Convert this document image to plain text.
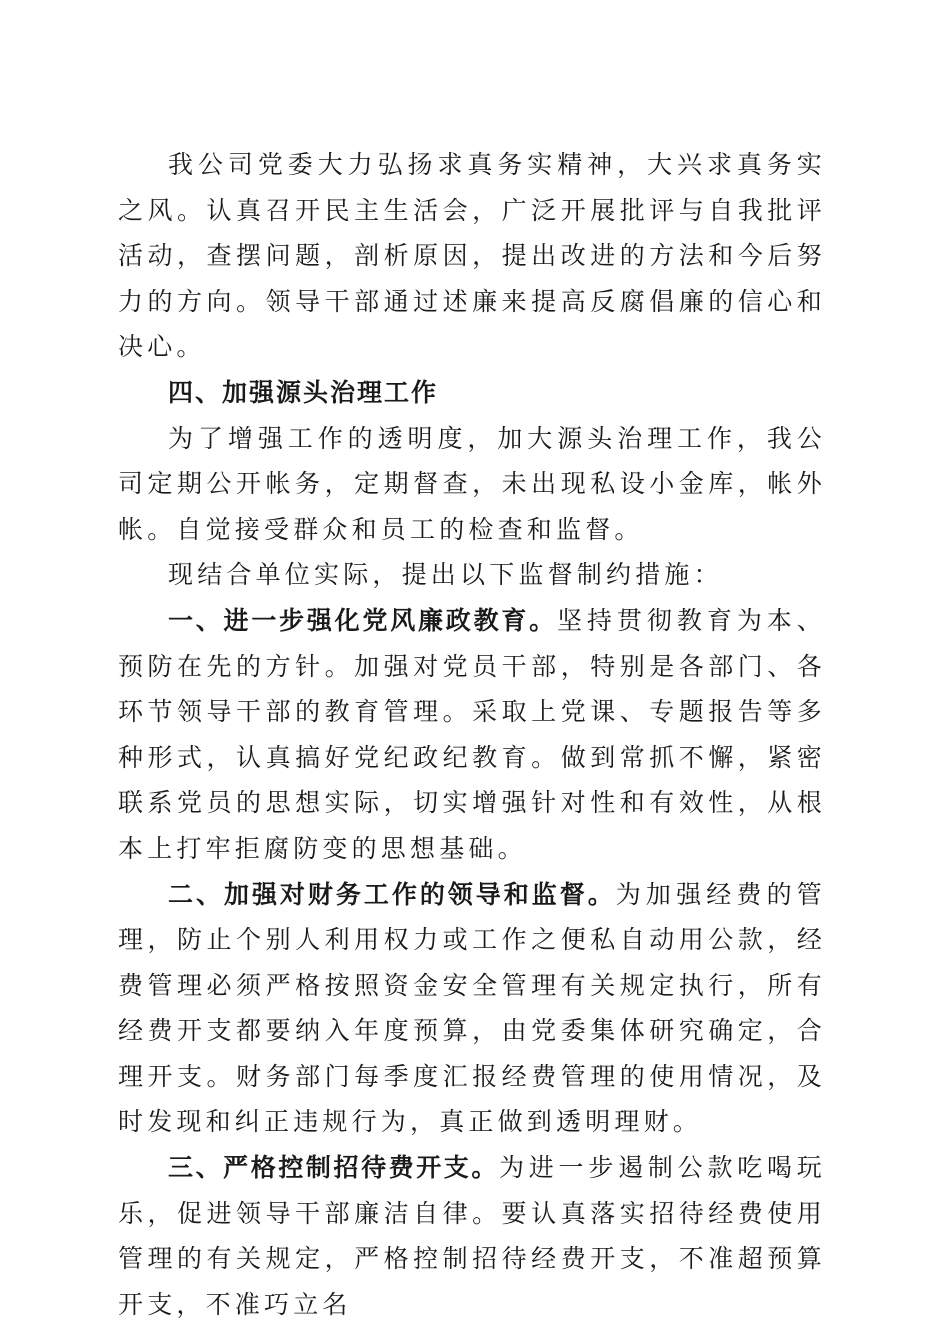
我公司党委大力弘扬求真务实精神，大兴求真务实之风。认真召开民主生活会，广泛开展批评与自我批评活动，查摆问题，剖析原因，提出改进的方法和今后努力的方向。领导干部通过述廉来提高反腐倡廉的信心和决心。

四、加强源头治理工作

为了增强工作的透明度，加大源头治理工作，我公司定期公开帐务，定期督查，未出现私设小金库，帐外帐。自觉接受群众和员工的检查和监督。

现结合单位实际，提出以下监督制约措施：

一、进一步强化党风廉政教育。坚持贯彻教育为本、预防在先的方针。加强对党员干部，特别是各部门、各环节领导干部的教育管理。采取上党课、专题报告等多种形式，认真搞好党纪政纪教育。做到常抓不懈，紧密联系党员的思想实际，切实增强针对性和有效性，从根本上打牢拒腐防变的思想基础。

二、加强对财务工作的领导和监督。为加强经费的管理，防止个别人利用权力或工作之便私自动用公款，经费管理必须严格按照资金安全管理有关规定执行，所有经费开支都要纳入年度预算，由党委集体研究确定，合理开支。财务部门每季度汇报经费管理的使用情况，及时发现和纠正违规行为，真正做到透明理财。

三、严格控制招待费开支。为进一步遏制公款吃喝玩乐，促进领导干部廉洁自律。要认真落实招待经费使用管理的有关规定，严格控制招待经费开支，不准超预算开支，不准巧立名
